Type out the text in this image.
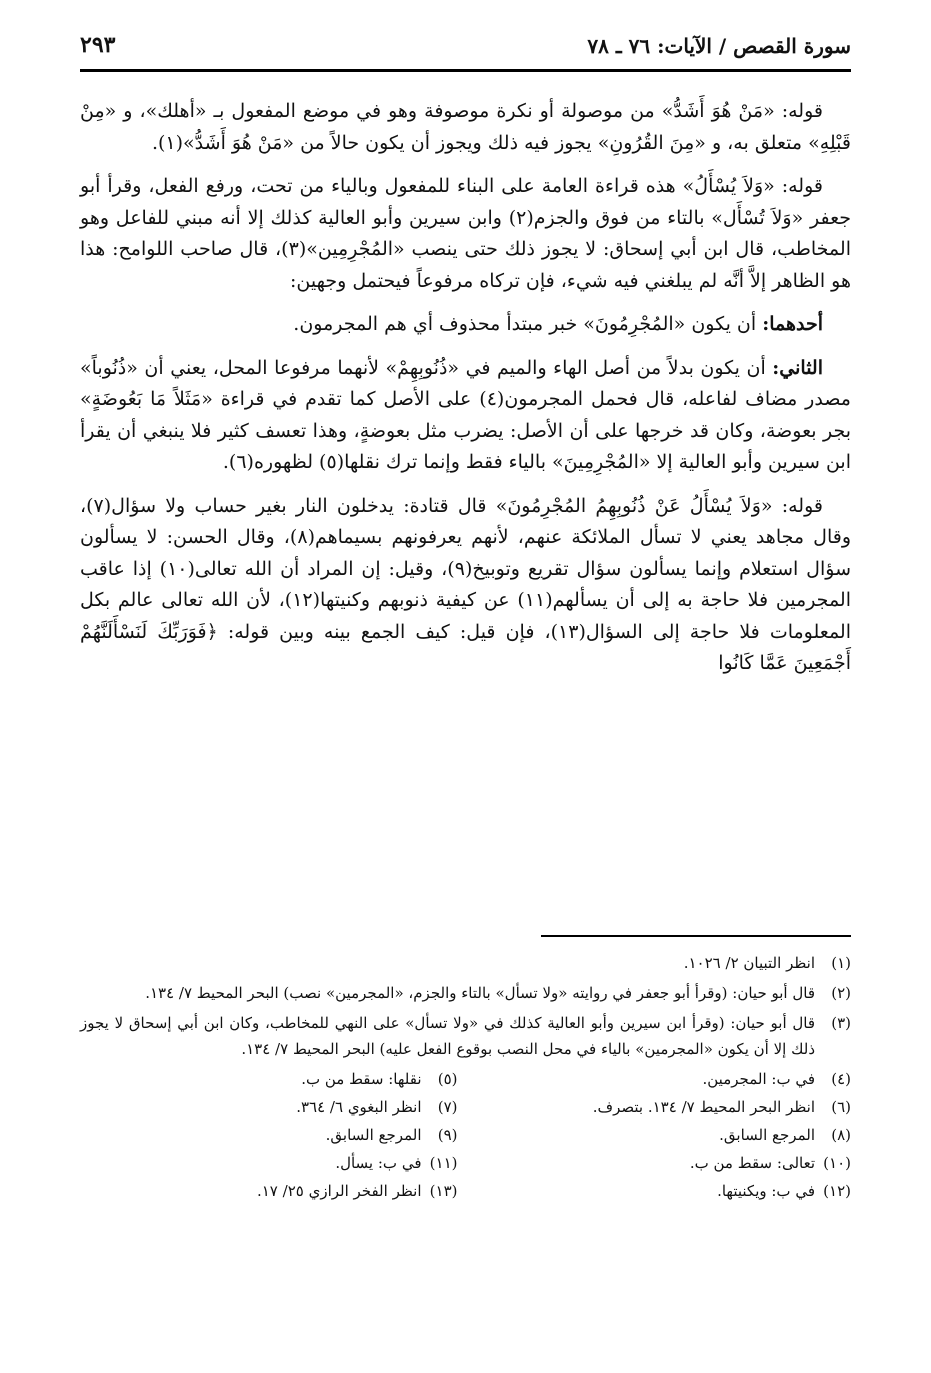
سورة القصص / الآيات: ٧٦ ـ ٧٨
٢٩٣

قوله: «مَنْ هُوَ أَشَدُّ» من موصولة أو نكرة موصوفة وهو في موضع المفعول بـ «أهلك»، و «مِنْ قَبْلِهِ» متعلق به، و «مِنَ القُرُونِ» يجوز فيه ذلك ويجوز أن يكون حالاً من «مَنْ هُوَ أَشَدُّ»(١).

قوله: «وَلاَ يُسْأَلُ» هذه قراءة العامة على البناء للمفعول وبالياء من تحت، ورفع الفعل، وقرأ أبو جعفر «وَلاَ تُسْأَل» بالتاء من فوق والجزم(٢) وابن سيرين وأبو العالية كذلك إلا أنه مبني للفاعل وهو المخاطب، قال ابن أبي إسحاق: لا يجوز ذلك حتى ينصب «المُجْرِمِين»(٣)، قال صاحب اللوامح: هذا هو الظاهر إلاَّ أنَّه لم يبلغني فيه شيء، فإن تركاه مرفوعاً فيحتمل وجهين:

أحدهما: أن يكون «المُجْرِمُونَ» خبر مبتدأ محذوف أي هم المجرمون.

الثاني: أن يكون بدلاً من أصل الهاء والميم في «ذُنُوبِهِمْ» لأنهما مرفوعا المحل، يعني أن «ذُنُوباً» مصدر مضاف لفاعله، قال فحمل المجرمون(٤) على الأصل كما تقدم في قراءة «مَثَلاً مَا بَعُوضَةٍ» بجر بعوضة، وكان قد خرجها على أن الأصل: يضرب مثل بعوضةٍ، وهذا تعسف كثير فلا ينبغي أن يقرأ ابن سيرين وأبو العالية إلا «المُجْرِمِينَ» بالياء فقط وإنما ترك نقلها(٥) لظهوره(٦).

قوله: «وَلاَ يُسْأَلُ عَنْ ذُنُوبِهِمُ المُجْرِمُونَ» قال قتادة: يدخلون النار بغير حساب ولا سؤال(٧)، وقال مجاهد يعني لا تسأل الملائكة عنهم، لأنهم يعرفونهم بسيماهم(٨)، وقال الحسن: لا يسألون سؤال استعلام وإنما يسألون سؤال تقريع وتوبيخ(٩)، وقيل: إن المراد أن الله تعالى(١٠) إذا عاقب المجرمين فلا حاجة به إلى أن يسألهم(١١) عن كيفية ذنوبهم وكنيتها(١٢)، لأن الله تعالى عالم بكل المعلومات فلا حاجة إلى السؤال(١٣)، فإن قيل: كيف الجمع بينه وبين قوله: ﴿فَوَرَبِّكَ لَنَسْأَلَنَّهُمْ أَجْمَعِينَ عَمَّا كَانُوا

(١)
انظر التبيان ٢/ ١٠٢٦.
(٢)
قال أبو حيان: (وقرأ أبو جعفر في روايته «ولا تسأل» بالتاء والجزم، «المجرمين» نصب) البحر المحيط ٧/ ١٣٤.
(٣)
قال أبو حيان: (وقرأ ابن سيرين وأبو العالية كذلك في «ولا تسأل» على النهي للمخاطب، وكان ابن أبي إسحاق لا يجوز ذلك إلا أن يكون «المجرمين» بالياء في محل النصب بوقوع الفعل عليه) البحر المحيط ٧/ ١٣٤.
(٤)
في ب: المجرمين.
(٥)
نقلها: سقط من ب.
(٦)
انظر البحر المحيط ٧/ ١٣٤. بتصرف.
(٧)
انظر البغوي ٦/ ٣٦٤.
(٨)
المرجع السابق.
(٩)
المرجع السابق.
(١٠)
تعالى: سقط من ب.
(١١)
في ب: يسأل.
(١٢)
في ب: ويكنيتها.
(١٣)
انظر الفخر الرازي ٢٥/ ١٧.
